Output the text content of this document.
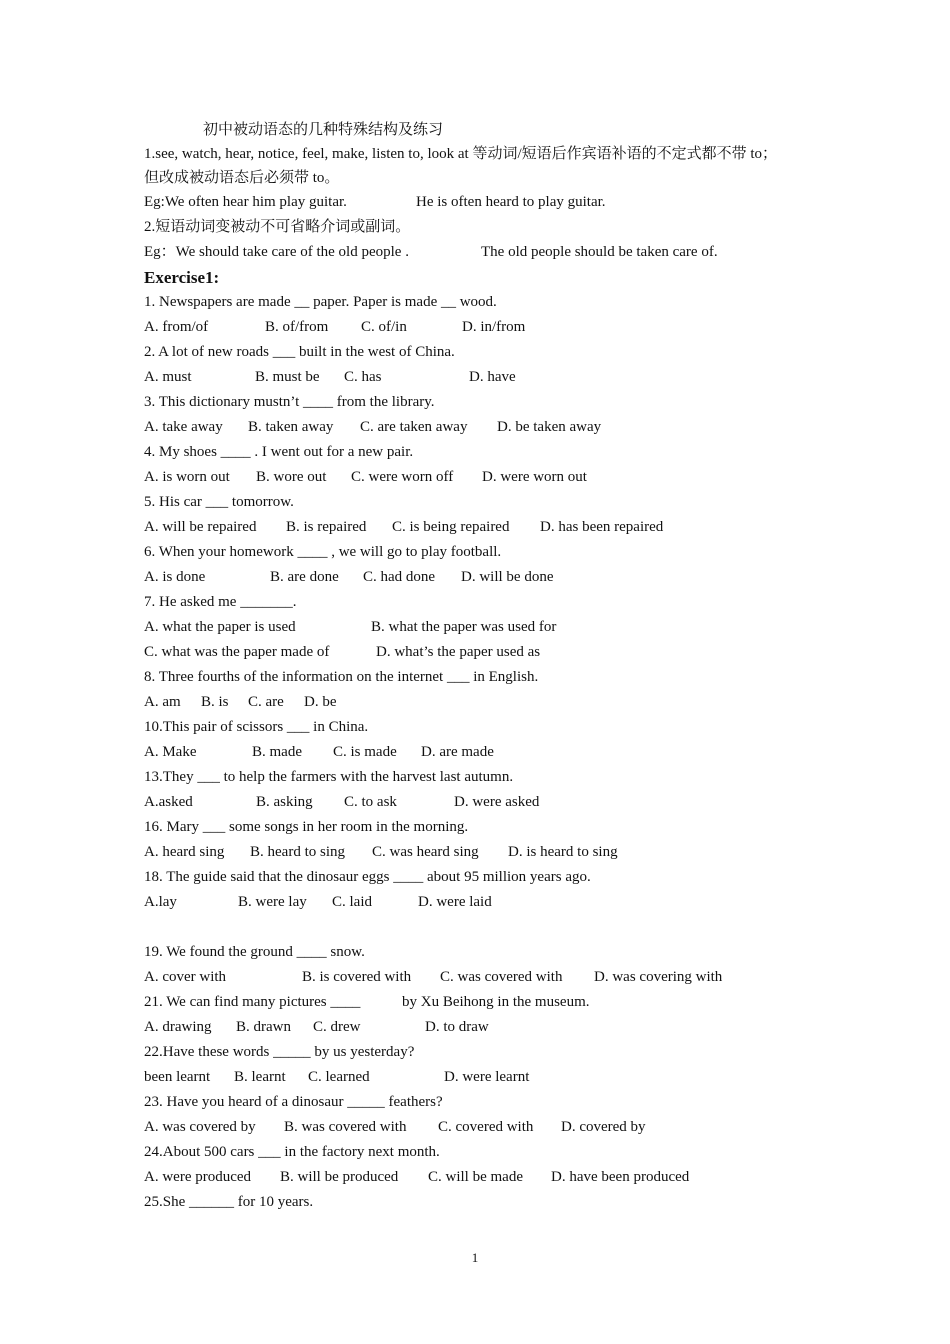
初中被动语态的几种特殊结构及练习
1.see, watch, hear, notice, feel, make, listen to, look at 等动词/短语后作宾语补语的不定式都不带 to；
但改成被动语态后必须带 to。
Eg:We often hear him play guitar.	He is often heard to play guitar.
2.短语动词变被动不可省略介词或副词。
Eg：We should take care of the old people .	The old people should be taken care of.
Exercise1:
1. Newspapers are made __ paper. Paper is made __ wood.
A. from/of	B. of/from C. of/in	D. in/from
2. A lot of new roads ___ built in the west of China.
A. must	B. must be C. has	D. have
3. This dictionary mustn’t ____ from the library.
A. take away B. taken away C. are taken away D. be taken away
4. My shoes ____ . I went out for a new pair.
A. is worn out B. wore out C. were worn off D. were worn out
5. His car ___ tomorrow.
A. will be repaired B. is repaired C. is being repaired D. has been repaired
6. When your homework ____ , we will go to play football.
A. is done	B. are done C. had done D. will be done
7. He asked me _______.
A. what the paper is used	B. what the paper was used for
C. what was the paper made of	D. what’s the paper used as
8. Three fourths of the information on the internet ___ in English.
A. am B. is C. are D. be
10.This pair of scissors ___ in China.
A. Make	B. made C. is made D. are made
13.They ___ to help the farmers with the harvest last autumn.
A.asked	B. asking C. to ask	D. were asked
16. Mary ___ some songs in her room in the morning.
A. heard sing B. heard to sing C. was heard sing D. is heard to sing
18. The guide said that the dinosaur eggs ____ about 95 million years ago.
A.lay	B. were lay C. laid	D. were laid
19. We found the ground ____ snow.
A. cover with	B. is covered with C. was covered with D. was covering with
21. We can find many pictures ____	by Xu Beihong in the museum.
A. drawing B. drawn C. drew	D. to draw
22.Have these words _____ by us yesterday?
been learnt B. learnt C. learned	D. were learnt
23. Have you heard of a dinosaur _____ feathers?
A. was covered by B. was covered with C. covered with D. covered by
24.About 500 cars ___ in the factory next month.
A. were produced B. will be produced C. will be made D. have been produced
25.She ______ for 10 years.
1
